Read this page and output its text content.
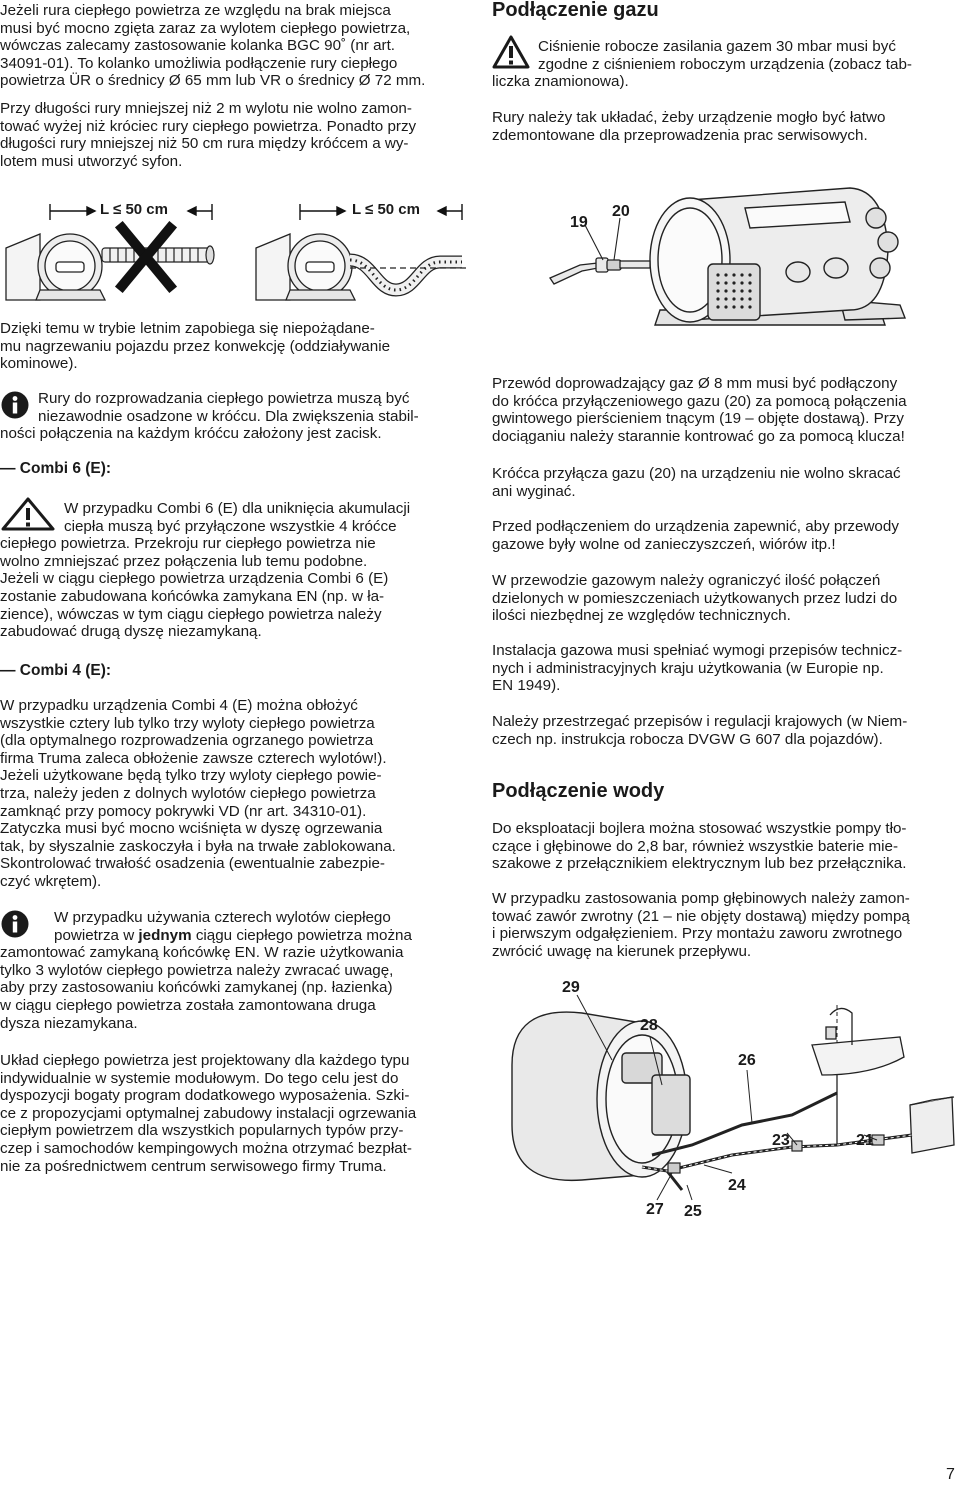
Jeżeli rura ciepłego powietrza ze względu na brak miejsca
musi być mocno zgięta zaraz za wylotem ciepłego powietrza,
wówczas zalecamy zastosowanie kolanka BGC 90˚ (nr art.
34091-01). To kolanko umożliwia podłączenie rury ciepłego
powietrza ÜR o średnicy Ø 65 mm lub VR o średnicy Ø 72 mm.
Przy długości rury mniejszej niż 2 m wylotu nie wolno zamon-
tować wyżej niż króciec rury ciepłego powietrza. Ponadto przy
długości rury mniejszej niż 50 cm rura między króćcem a wy-
lotem musi utworzyć syfon.
L ≤ 50 cm	L ≤ 50 cm
Dzięki temu w trybie letnim zapobiega się niepożądane-
mu nagrzewaniu pojazdu przez konwekcję (oddziaływanie
kominowe).
Rury do rozprowadzania ciepłego powietrza muszą być
niezawodnie osadzone w króćcu. Dla zwiększenia stabil-
ności połączenia na każdym króćcu założony jest zacisk.
— Combi 6 (E):
W przypadku Combi 6 (E) dla uniknięcia akumulacji
ciepła muszą być przyłączone wszystkie 4 króćce
ciepłego powietrza. Przekroju rur ciepłego powietrza nie
wolno zmniejszać przez połączenia lub temu podobne.
Jeżeli w ciągu ciepłego powietrza urządzenia Combi 6 (E)
zostanie zabudowana końcówka zamykana EN (np. w ła-
zience), wówczas w tym ciągu ciepłego powietrza należy
zabudować drugą dyszę niezamykaną.
— Combi 4 (E):
W przypadku urządzenia Combi 4 (E) można obłożyć
wszystkie cztery lub tylko trzy wyloty ciepłego powietrza
(dla optymalnego rozprowadzenia ogrzanego powietrza
firma Truma zaleca obłożenie zawsze czterech wylotów!).
Jeżeli użytkowane będą tylko trzy wyloty ciepłego powie-
trza, należy jeden z dolnych wylotów ciepłego powietrza
zamknąć przy pomocy pokrywki VD (nr art. 34310-01).
Zatyczka musi być mocno wciśnięta w dyszę ogrzewania
tak, by słyszalnie zaskoczyła i była na trwałe zablokowana.
Skontrolować trwałość osadzenia (ewentualnie zabezpie-
czyć wkrętem).
W przypadku używania czterech wylotów ciepłego
powietrza w jednym ciągu ciepłego powietrza można
zamontować zamykaną końcówkę EN. W razie użytkowania
tylko 3 wylotów ciepłego powietrza należy zwracać uwagę,
aby przy zastosowaniu końcówki zamykanej (np. łazienka)
w ciągu ciepłego powietrza została zamontowana druga
dysza niezamykana.
Układ ciepłego powietrza jest projektowany dla każdego typu
indywidualnie w systemie modułowym. Do tego celu jest do
dyspozycji bogaty program dodatkowego wyposażenia. Szki-
ce z propozycjami optymalnej zabudowy instalacji ogrzewania
ciepłym powietrzem dla wszystkich popularnych typów przy-
czep i samochodów kempingowych można otrzymać bezpłat-
nie za pośrednictwem centrum serwisowego firmy Truma.
Podłączenie gazu
Ciśnienie robocze zasilania gazem 30 mbar musi być
zgodne z ciśnieniem roboczym urządzenia (zobacz tab-
liczka znamionowa).
Rury należy tak układać, żeby urządzenie mogło być łatwo
zdemontowane dla przeprowadzenia prac serwisowych.
19
20
Przewód doprowadzający gaz Ø 8 mm musi być podłączony
do króćca przyłączeniowego gazu (20) za pomocą połączenia
gwintowego pierścieniem tnącym (19 – objęte dostawą). Przy
dociąganiu należy starannie kontrować go za pomocą klucza!
Króćca przyłącza gazu (20) na urządzeniu nie wolno skracać
ani wyginać.
Przed podłączeniem do urządzenia zapewnić, aby przewody
gazowe były wolne od zanieczyszczeń, wiórów itp.!
W przewodzie gazowym należy ograniczyć ilość połączeń
dzielonych w pomieszczeniach użytkowanych przez ludzi do
ilości niezbędnej ze względów technicznych.
Instalacja gazowa musi spełniać wymogi przepisów technicz-
nych i administracyjnych kraju użytkowania (w Europie np.
EN 1949).
Należy przestrzegać przepisów i regulacji krajowych (w Niem-
czech np. instrukcja robocza DVGW G 607 dla pojazdów).
Podłączenie wody
Do eksploatacji bojlera można stosować wszystkie pompy tło-
czące i głębinowe do 2,8 bar, również wszystkie baterie mie-
szakowe z przełącznikiem elektrycznym lub bez przełącznika.
W przypadku zastosowania pomp głębinowych należy zamon-
tować zawór zwrotny (21 – nie objęty dostawą) między pompą
i pierwszym odgałęzieniem. Przy montażu zaworu zwrotnego
zwrócić uwagę na kierunek przepływu.
29
28
26
23	21
24
27 25
7
